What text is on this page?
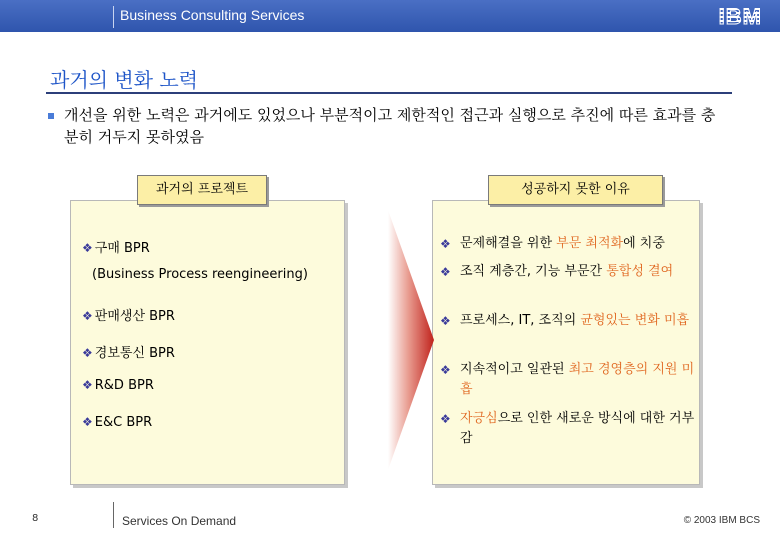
Business Consulting Services	IBM
과거의 변화 노력
개선을 위한 노력은 과거에도 있었으나 부분적이고 제한적인 접근과 실행으로 추진에 따른 효과를 충분히 거두지 못하였음
과거의 프로젝트	성공하지 못한 이유
❖ 구매 BPR
(Business Process reengineering)
❖ 판매생산 BPR
❖ 경보통신 BPR
❖ R&D BPR
❖ E&C BPR
❖ 문제해결을 위한 부문 최적화에 치중
❖ 조직 계층간, 기능 부문간 통합성 결여
❖ 프로세스, IT, 조직의 균형있는 변화 미흡
❖ 지속적이고 일관된 최고 경영층의 지원 미흡
❖ 자긍심으로 인한 새로운 방식에 대한 거부감
8	Services On Demand	© 2003 IBM BCS
